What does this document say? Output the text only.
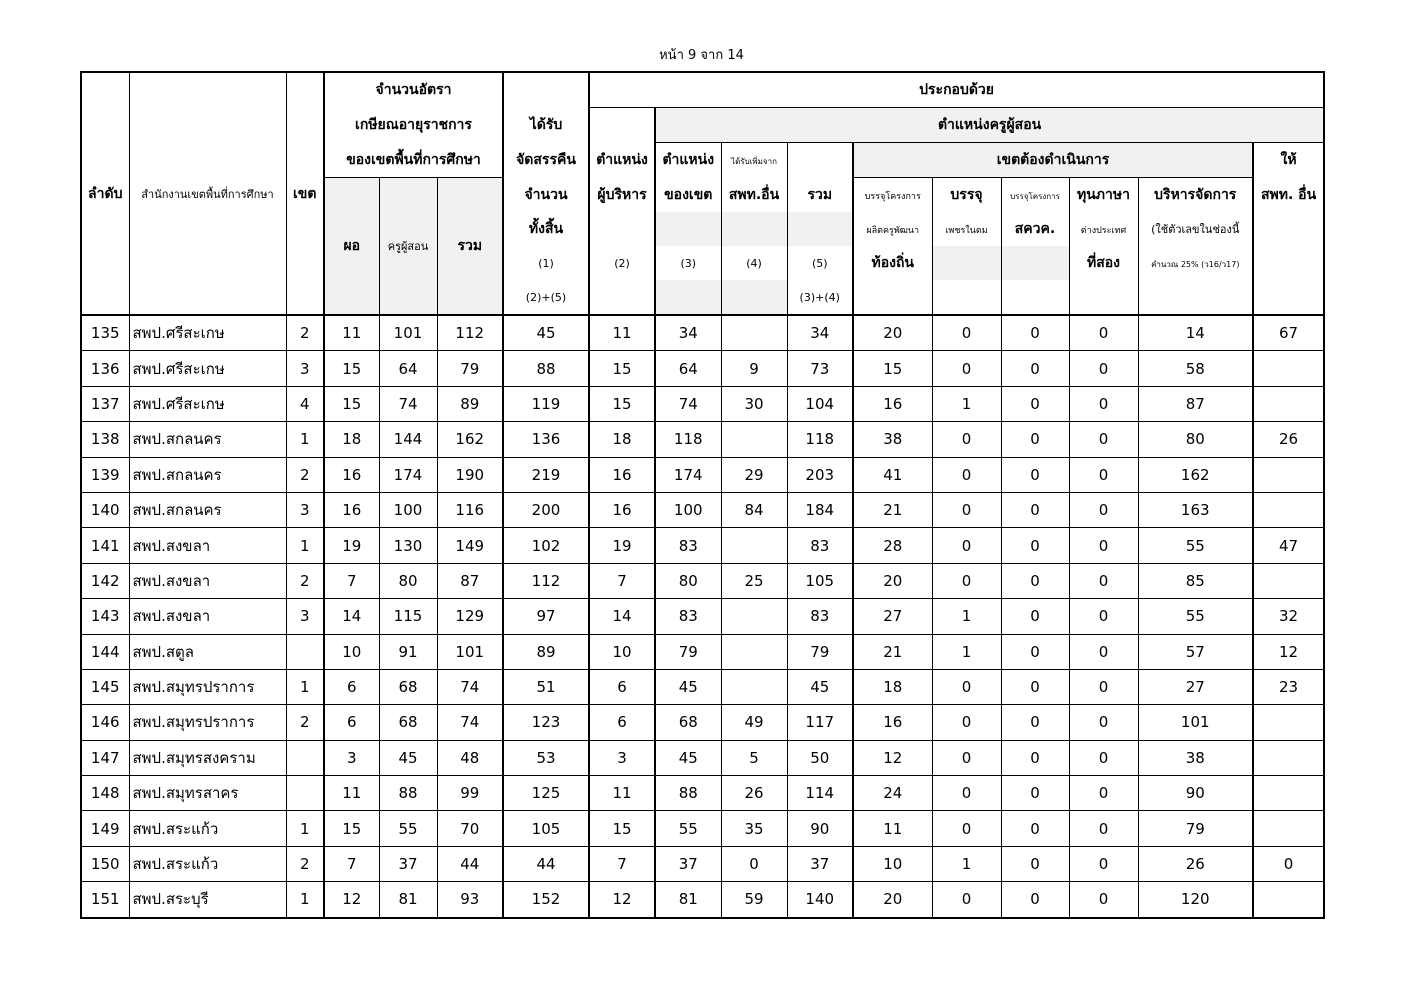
หน้า 9 จาก 14
ลำดับ	สำนักงานเขตพื้นที่การศึกษา	เขต	จำนวนอัตรา				ประกอบด้วย										
			เกษียณอายุราชการ			ได้รับ		ตำแหน่งครูผู้สอน	
			ของเขตพื้นที่การศึกษา			จัดสรรคืน	ตำแหน่ง	ตำแหน่ง	ได้รับเพิ่มจาก		เขตต้องดำเนินการ					ให้	
			ผอ	ครูผู้สอน	รวม	จำนวน	ผู้บริหาร	ของเขต	สพท.อื่น	รวม	บรรจุโครงการ	บรรจุ	บรรจุโครงการ	ทุนภาษา	บริหารจัดการ	สพท. อื่น	
						ทั้งสิ้น					ผลิตครูพัฒนา	เพชรในตม	สควค.	ต่างประเทศ	(ใช้ตัวเลขในช่องนี้		
						(1)	(2)	(3)	(4)	(5)	ท้องถิ่น			ที่สอง	คำนวณ 25% (ว16/ว17)		
						(2)+(5)				(3)+(4)							
135	สพป.ศรีสะเกษ	2	11	101	112	45	11	34		34	20	0	0	0	14	67	
136	สพป.ศรีสะเกษ	3	15	64	79	88	15	64	9	73	15	0	0	0	58		
137	สพป.ศรีสะเกษ	4	15	74	89	119	15	74	30	104	16	1	0	0	87		
138	สพป.สกลนคร	1	18	144	162	136	18	118		118	38	0	0	0	80	26	
139	สพป.สกลนคร	2	16	174	190	219	16	174	29	203	41	0	0	0	162		
140	สพป.สกลนคร	3	16	100	116	200	16	100	84	184	21	0	0	0	163		
141	สพป.สงขลา	1	19	130	149	102	19	83		83	28	0	0	0	55	47	
142	สพป.สงขลา	2	7	80	87	112	7	80	25	105	20	0	0	0	85		
143	สพป.สงขลา	3	14	115	129	97	14	83		83	27	1	0	0	55	32	
144	สพป.สตูล		10	91	101	89	10	79		79	21	1	0	0	57	12	
145	สพป.สมุทรปราการ	1	6	68	74	51	6	45		45	18	0	0	0	27	23	
146	สพป.สมุทรปราการ	2	6	68	74	123	6	68	49	117	16	0	0	0	101		
147	สพป.สมุทรสงคราม		3	45	48	53	3	45	5	50	12	0	0	0	38		
148	สพป.สมุทรสาคร		11	88	99	125	11	88	26	114	24	0	0	0	90		
149	สพป.สระแก้ว	1	15	55	70	105	15	55	35	90	11	0	0	0	79		
150	สพป.สระแก้ว	2	7	37	44	44	7	37	0	37	10	1	0	0	26	0	
151	สพป.สระบุรี	1	12	81	93	152	12	81	59	140	20	0	0	0	120		
